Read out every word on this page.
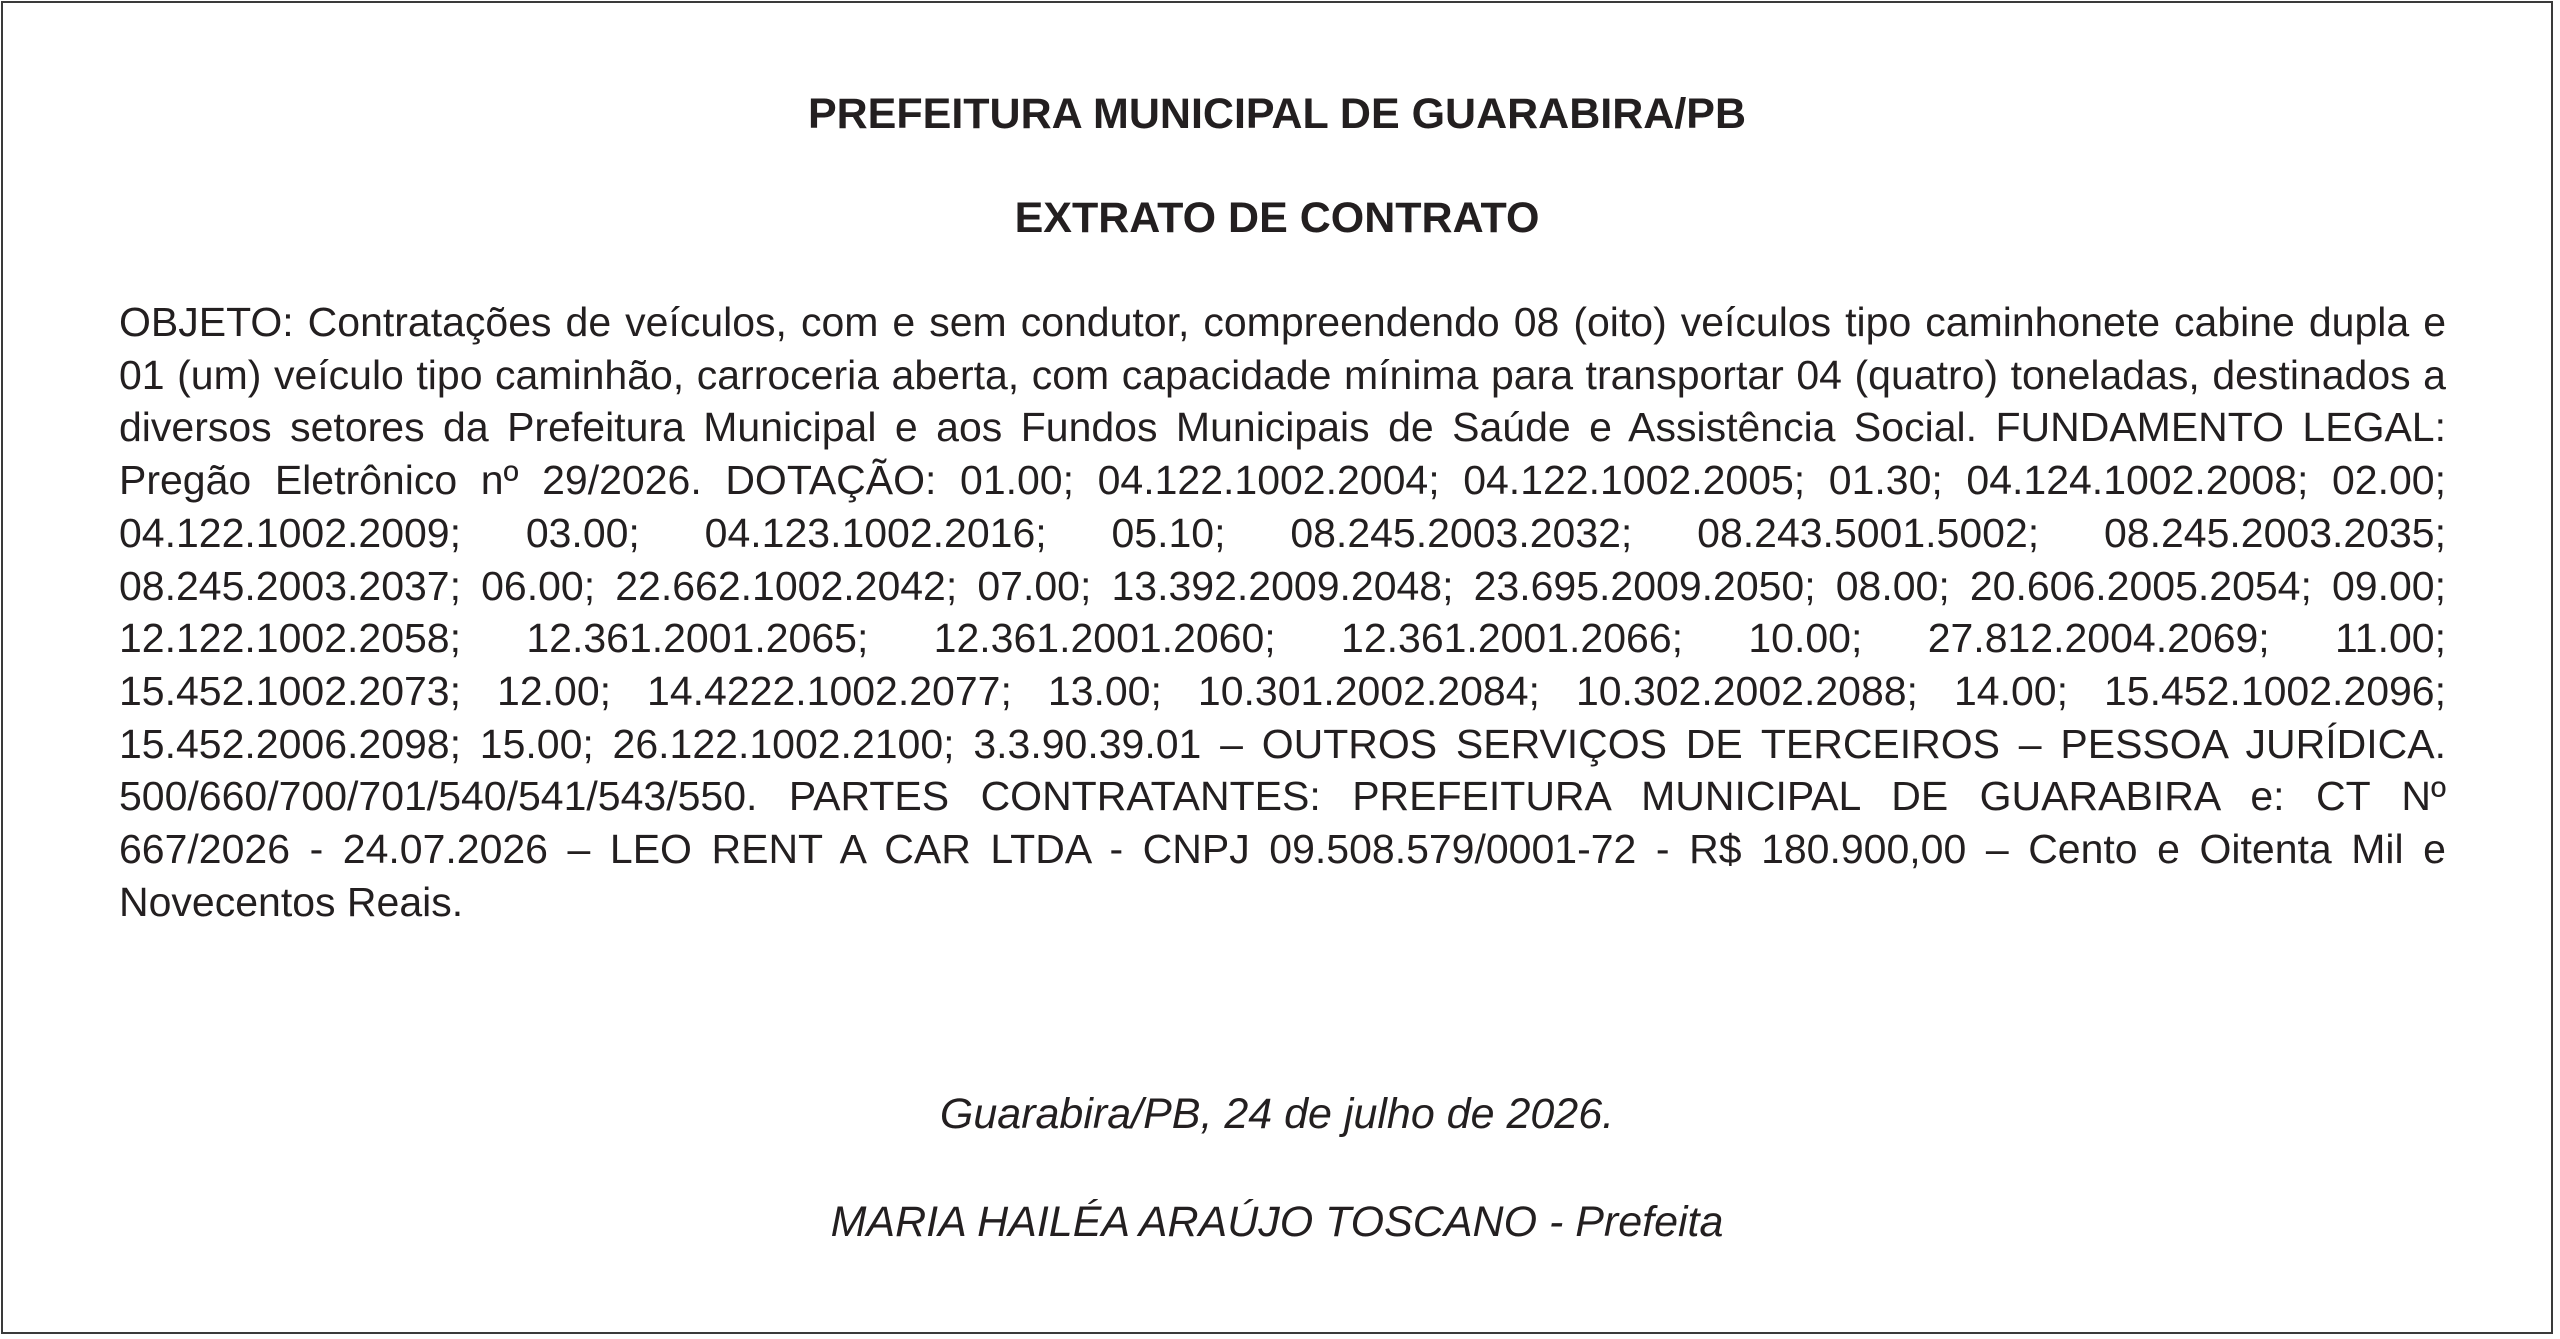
PREFEITURA MUNICIPAL DE GUARABIRA/PB
EXTRATO DE CONTRATO

OBJETO: Contratações de veículos, com e sem condutor, compreendendo 08 (oito) veículos tipo caminhonete cabine dupla e 01 (um) veículo tipo caminhão, carroceria aberta, com capacidade mínima para transportar 04 (quatro) toneladas, destinados a diversos setores da Prefeitura Municipal e aos Fundos Municipais de Saúde e Assistência Social. FUNDAMENTO LEGAL: Pregão Eletrônico nº 29/2026. DOTAÇÃO: 01.00; 04.122.1002.2004; 04.122.1002.2005; 01.30; 04.124.1002.2008; 02.00; 04.122.1002.2009; 03.00; 04.123.1002.2016; 05.10; 08.245.2003.2032; 08.243.5001.5002; 08.245.2003.2035; 08.245.2003.2037; 06.00; 22.662.1002.2042; 07.00; 13.392.2009.2048; 23.695.2009.2050; 08.00; 20.606.2005.2054; 09.00; 12.122.1002.2058; 12.361.2001.2065; 12.361.2001.2060; 12.361.2001.2066; 10.00; 27.812.2004.2069; 11.00; 15.452.1002.2073; 12.00; 14.4222.1002.2077; 13.00; 10.301.2002.2084; 10.302.2002.2088; 14.00; 15.452.1002.2096; 15.452.2006.2098; 15.00; 26.122.1002.2100; 3.3.90.39.01 – OUTROS SERVIÇOS DE TERCEIROS – PESSOA JURÍDICA. 500/660/700/701/540/541/543/550. PARTES CONTRATANTES: PREFEITURA MUNICIPAL DE GUARABIRA e: CT Nº 667/2026 - 24.07.2026 – LEO RENT A CAR LTDA - CNPJ 09.508.579/0001-72 - R$ 180.900,00 – Cento e Oitenta Mil e Novecentos Reais.

Guarabira/PB, 24 de julho de 2026.

MARIA HAILÉA ARAÚJO TOSCANO - Prefeita
